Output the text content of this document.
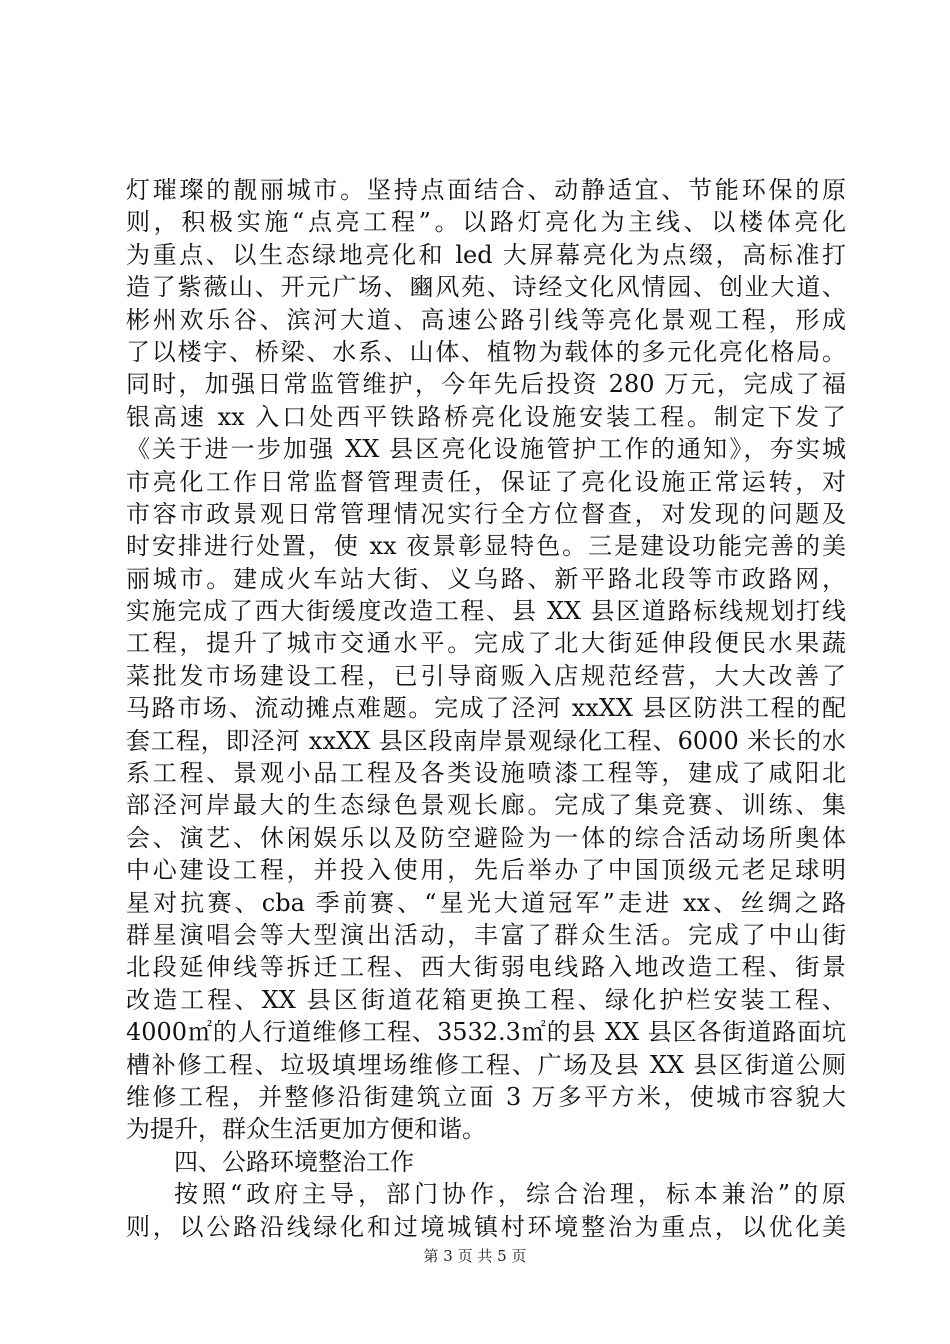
灯璀璨的靓丽城市。坚持点面结合、动静适宜、节能环保的原
则，积极实施“点亮工程”。以路灯亮化为主线、以楼体亮化
为重点、以生态绿地亮化和 led 大屏幕亮化为点缀，高标准打
造了紫薇山、开元广场、豳风苑、诗经文化风情园、创业大道、
彬州欢乐谷、滨河大道、高速公路引线等亮化景观工程，形成
了以楼宇、桥梁、水系、山体、植物为载体的多元化亮化格局。
同时，加强日常监管维护，今年先后投资 280 万元，完成了福
银高速 xx 入口处西平铁路桥亮化设施安装工程。制定下发了
《关于进一步加强 XX 县区亮化设施管护工作的通知》，夯实城
市亮化工作日常监督管理责任，保证了亮化设施正常运转，对
市容市政景观日常管理情况实行全方位督查，对发现的问题及
时安排进行处置，使 xx 夜景彰显特色。三是建设功能完善的美
丽城市。建成火车站大街、义乌路、新平路北段等市政路网，
实施完成了西大街缓度改造工程、县 XX 县区道路标线规划打线
工程，提升了城市交通水平。完成了北大街延伸段便民水果蔬
菜批发市场建设工程，已引导商贩入店规范经营，大大改善了
马路市场、流动摊点难题。完成了泾河 xxXX 县区防洪工程的配
套工程，即泾河 xxXX 县区段南岸景观绿化工程、6000 米长的水
系工程、景观小品工程及各类设施喷漆工程等，建成了咸阳北
部泾河岸最大的生态绿色景观长廊。完成了集竞赛、训练、集
会、演艺、休闲娱乐以及防空避险为一体的综合活动场所奥体
中心建设工程，并投入使用，先后举办了中国顶级元老足球明
星对抗赛、cba 季前赛、“星光大道冠军”走进 xx、丝绸之路
群星演唱会等大型演出活动，丰富了群众生活。完成了中山街
北段延伸线等拆迁工程、西大街弱电线路入地改造工程、街景
改造工程、XX 县区街道花箱更换工程、绿化护栏安装工程、
4000㎡的人行道维修工程、3532.3㎡的县 XX 县区各街道路面坑
槽补修工程、垃圾填埋场维修工程、广场及县 XX 县区街道公厕
维修工程，并整修沿街建筑立面 3 万多平方米，使城市容貌大
为提升，群众生活更加方便和谐。
四、公路环境整治工作
按照“政府主导，部门协作，综合治理，标本兼治”的原
则，以公路沿线绿化和过境城镇村环境整治为重点，以优化美
第 3 页 共 5 页
